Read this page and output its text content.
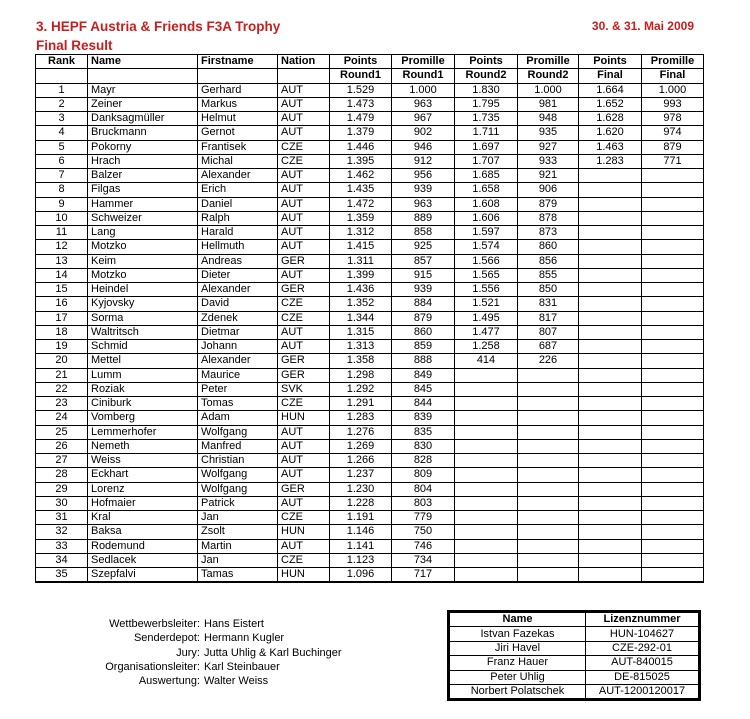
3. HEPF Austria & Friends F3A Trophy
Final Result
30. & 31. Mai 2009
Rank	Name	Firstname	Nation	Points	Promille	Points	Promille	Points	Promille
				Round1	Round1	Round2	Round2	Final	Final
1	Mayr	Gerhard	AUT	1.529	1.000	1.830	1.000	1.664	1.000
2	Zeiner	Markus	AUT	1.473	963	1.795	981	1.652	993
3	Danksagmüller	Helmut	AUT	1.479	967	1.735	948	1.628	978
4	Bruckmann	Gernot	AUT	1.379	902	1.711	935	1.620	974
5	Pokorny	Frantisek	CZE	1.446	946	1.697	927	1.463	879
6	Hrach	Michal	CZE	1.395	912	1.707	933	1.283	771
7	Balzer	Alexander	AUT	1.462	956	1.685	921		
8	Filgas	Erich	AUT	1.435	939	1.658	906		
9	Hammer	Daniel	AUT	1.472	963	1.608	879		
10	Schweizer	Ralph	AUT	1.359	889	1.606	878		
11	Lang	Harald	AUT	1.312	858	1.597	873		
12	Motzko	Hellmuth	AUT	1.415	925	1.574	860		
13	Keim	Andreas	GER	1.311	857	1.566	856		
14	Motzko	Dieter	AUT	1.399	915	1.565	855		
15	Heindel	Alexander	GER	1.436	939	1.556	850		
16	Kyjovsky	David	CZE	1.352	884	1.521	831		
17	Sorma	Zdenek	CZE	1.344	879	1.495	817		
18	Waltritsch	Dietmar	AUT	1.315	860	1.477	807		
19	Schmid	Johann	AUT	1.313	859	1.258	687		
20	Mettel	Alexander	GER	1.358	888	414	226		
21	Lumm	Maurice	GER	1.298	849				
22	Roziak	Peter	SVK	1.292	845				
23	Ciniburk	Tomas	CZE	1.291	844				
24	Vomberg	Adam	HUN	1.283	839				
25	Lemmerhofer	Wolfgang	AUT	1.276	835				
26	Nemeth	Manfred	AUT	1.269	830				
27	Weiss	Christian	AUT	1.266	828				
28	Eckhart	Wolfgang	AUT	1.237	809				
29	Lorenz	Wolfgang	GER	1.230	804				
30	Hofmaier	Patrick	AUT	1.228	803				
31	Kral	Jan	CZE	1.191	779				
32	Baksa	Zsolt	HUN	1.146	750				
33	Rodemund	Martin	AUT	1.141	746				
34	Sedlacek	Jan	CZE	1.123	734				
35	Szepfalvi	Tamas	HUN	1.096	717				
Wettbewerbsleiter: Hans Eistert
Senderdepot: Hermann Kugler
Jury: Jutta Uhlig & Karl Buchinger
Organisationsleiter: Karl Steinbauer
Auswertung: Walter Weiss
Name	Lizenznummer
Istvan Fazekas	HUN-104627
Jiri Havel	CZE-292-01
Franz Hauer	AUT-840015
Peter Uhlig	DE-815025
Norbert Polatschek	AUT-1200120017
